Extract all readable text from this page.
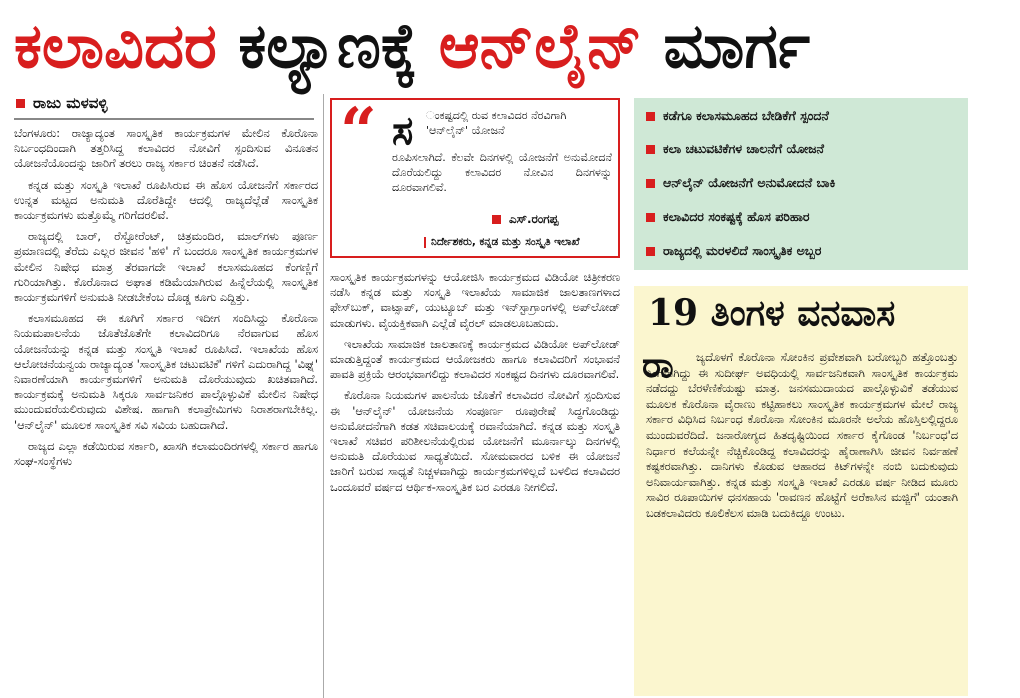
ಕಲಾವಿದರ ಕಲ್ಯಾಣಕ್ಕೆ ಆನ್‌ಲೈನ್ ಮಾರ್ಗ
ರಾಜು ಮಳವಳ್ಳಿ

ಬೆಂಗಳೂರು: ರಾಜ್ಯಾದ್ಯಂತ ಸಾಂಸ್ಕೃತಿಕ ಕಾರ್ಯಕ್ರಮಗಳ ಮೇಲಿನ ಕೊರೊನಾ ನಿರ್ಬಂಧದಿಂದಾಗಿ ತತ್ತರಿಸಿದ್ದ ಕಲಾವಿದರ ನೋವಿಗೆ ಸ್ಪಂದಿಸುವ ವಿನೂತನ ಯೋಜನೆಯೊಂದನ್ನು ಜಾರಿಗೆ ತರಲು ರಾಜ್ಯ ಸರ್ಕಾರ ಚಿಂತನೆ ನಡೆಸಿದೆ.

ಕನ್ನಡ ಮತ್ತು ಸಂಸ್ಕೃತಿ ಇಲಾಖೆ ರೂಪಿಸಿರುವ ಈ ಹೊಸ ಯೋಜನೆಗೆ ಸರ್ಕಾರದ ಉನ್ನತ ಮಟ್ಟದ ಅನುಮತಿ ದೊರೆತಿದ್ದೇ ಆದಲ್ಲಿ ರಾಜ್ಯದೆಲ್ಲೆಡೆ ಸಾಂಸ್ಕೃತಿಕ ಕಾರ್ಯಕ್ರಮಗಳು ಮತ್ತೊಮ್ಮೆ ಗರಿಗೆದರಲಿವೆ.

ರಾಜ್ಯದಲ್ಲಿ ಬಾರ್, ರೆಸ್ಟೋರೆಂಟ್, ಚಿತ್ರಮಂದಿರ, ಮಾಲ್‌ಗಳು ಪೂರ್ಣ ಪ್ರಮಾಣದಲ್ಲಿ ತೆರೆದು ಎಲ್ಲರ ಜೀವನ 'ಹಳಿ' ಗೆ ಬಂದರೂ ಸಾಂಸ್ಕೃತಿಕ ಕಾರ್ಯಕ್ರಮಗಳ ಮೇಲಿನ ನಿಷೇಧ ಮಾತ್ರ ತೆರವಾಗದೇ ಇಲಾಖೆ ಕಲಾಸಮೂಹದ ಕೆಂಗಣ್ಣಿಗೆ ಗುರಿಯಾಗಿತ್ತು. ಕೊರೊನಾದ ಅಘಾತ ಕಡಿಮೆಯಾಗಿರುವ ಹಿನ್ನೆಲೆಯಲ್ಲಿ ಸಾಂಸ್ಕೃತಿಕ ಕಾರ್ಯಕ್ರಮಗಳಿಗೆ ಅನುಮತಿ ನೀಡಬೇಕೆಂಬ ದೊಡ್ಡ ಕೂಗು ಎದ್ದಿತ್ತು.

ಕಲಾಸಮೂಹದ ಈ ಕೂಗಿಗೆ ಸರ್ಕಾರ ಇದೀಗ ಸಂದಿಸಿದ್ದು ಕೊರೊನಾ ನಿಯಮಪಾಲನೆಯ ಜೊತೆಜೊತೆಗೇ ಕಲಾವಿದರಿಗೂ ನೆರವಾಗುವ ಹೊಸ ಯೋಜನೆಯನ್ನು ಕನ್ನಡ ಮತ್ತು ಸಂಸ್ಕೃತಿ ಇಲಾಖೆ ರೂಪಿಸಿದೆ. ಇಲಾಖೆಯ ಹೊಸ ಆಲೋಚನೆಯನ್ವಯ ರಾಜ್ಯಾದ್ಯಂತ 'ಸಾಂಸ್ಕೃತಿಕ ಚಟುವಟಿಕೆ' ಗಳಿಗೆ ಎದುರಾಗಿದ್ದ 'ವಿಘ್ನ' ನಿವಾರಣೆಯಾಗಿ ಕಾರ್ಯಕ್ರಮಗಳಿಗೆ ಅನುಮತಿ ದೊರೆಯುವುದು ಖಚಿತವಾಗಿದೆ. ಕಾರ್ಯಕ್ರಮಕ್ಕೆ ಅನುಮತಿ ಸಿಕ್ಕರೂ ಸಾರ್ವಜನಿಕರ ಪಾಲ್ಗೊಳ್ಳುವಿಕೆ ಮೇಲಿನ ನಿಷೇಧ ಮುಂದುವರೆಯಲಿರುವುದು ವಿಶೇಷ. ಹಾಗಾಗಿ ಕಲಾಪ್ರೇಮಿಗಳು ನಿರಾಶರಾಗಬೇಕಿಲ್ಲ. 'ಆನ್‌ಲೈನ್' ಮೂಲಕ ಸಾಂಸ್ಕೃತಿಕ ಸವಿ ಸವಿಯ ಬಹುದಾಗಿದೆ.

ರಾಜ್ಯದ ಎಲ್ಲಾ ಕಡೆಯಿರುವ ಸರ್ಕಾರಿ, ಖಾಸಗಿ ಕಲಾಮಂದಿರಗಳಲ್ಲಿ ಸರ್ಕಾರ ಹಾಗೂ ಸಂಘ-ಸಂಸ್ಥೆಗಳು

“ ಸ ಂಕಷ್ಟದಲ್ಲಿ ರುವ ಕಲಾವಿದರ ನೆರವಿಗಾಗಿ 'ಆನ್‌ಲೈನ್' ಯೋಜನೆ
ರೂಪಿಸಲಾಗಿದೆ. ಕೆಲವೇ ದಿನಗಳಲ್ಲಿ ಯೋಜನೆಗೆ ಅನುಮೋದನೆ ದೊರೆಯಲಿದ್ದು ಕಲಾವಿದರ ನೋವಿನ ದಿನಗಳನ್ನು ದೂರವಾಗಲಿವೆ.
ಎಸ್.ರಂಗಪ್ಪ
ನಿರ್ದೇಶಕರು, ಕನ್ನಡ ಮತ್ತು ಸಂಸ್ಕೃತಿ ಇಲಾಖೆ

ಸಾಂಸ್ಕೃತಿಕ ಕಾರ್ಯಕ್ರಮಗಳನ್ನು ಆಯೋಜಿಸಿ ಕಾರ್ಯಕ್ರಮದ ವಿಡಿಯೋ ಚಿತ್ರೀಕರಣ ನಡೆಸಿ ಕನ್ನಡ ಮತ್ತು ಸಂಸ್ಕೃತಿ ಇಲಾಖೆಯ ಸಾಮಾಜಿಕ ಜಾಲತಾಣಗಳಾದ ಫೇಸ್‌ಬುಕ್, ವಾಟ್ಸಾಪ್, ಯುಟ್ಯೂಬ್ ಮತ್ತು ಇನ್‌ಸ್ಟಾಗ್ರಾಂಗಳಲ್ಲಿ ಅಪ್‌ಲೋಡ್ ಮಾಡುಗಳು. ವೈಯಕ್ತಿಕವಾಗಿ ಎಲ್ಲೆಡೆ ವೈರಲ್ ಮಾಡಲೂಬಹುದು.

ಇಲಾಖೆಯ ಸಾಮಾಜಿಕ ಜಾಲತಾಣಕ್ಕೆ ಕಾರ್ಯಕ್ರಮದ ವಿಡಿಯೋ ಅಪ್‌ಲೋಡ್ ಮಾಡುತ್ತಿದ್ದಂತೆ ಕಾರ್ಯಕ್ರಮದ ಆಯೋಜಕರು ಹಾಗೂ ಕಲಾವಿದರಿಗೆ ಸಂಭಾವನೆ ಪಾವತಿ ಪ್ರಕ್ರಿಯೆ ಆರಂಭವಾಗಲಿದ್ದು ಕಲಾವಿದರ ಸಂಕಷ್ಟದ ದಿನಗಳು ದೂರವಾಗಲಿವೆ.

ಕೊರೊನಾ ನಿಯಮಗಳ ಪಾಲನೆಯ ಜೊತೆಗೆ ಕಲಾವಿದರ ನೋವಿಗೆ ಸ್ಪಂದಿಸುವ ಈ 'ಆನ್‌ಲೈನ್' ಯೋಜನೆಯ ಸಂಪೂರ್ಣ ರೂಪುರೇಷೆ ಸಿದ್ಧಗೊಂಡಿದ್ದು ಅನುಮೋದನೆಗಾಗಿ ಕಡತ ಸಚಿವಾಲಯಕ್ಕೆ ರವಾನೆಯಾಗಿದೆ. ಕನ್ನಡ ಮತ್ತು ಸಂಸ್ಕೃತಿ ಇಲಾಖೆ ಸಚಿವರ ಪರಿಶೀಲನೆಯಲ್ಲಿರುವ ಯೋಜನೆಗೆ ಮೂರ್ನಾಲ್ಕು ದಿನಗಳಲ್ಲಿ ಅನುಮತಿ ದೊರೆಯುವ ಸಾಧ್ಯತೆಯಿದೆ. ಸೋಮವಾರದ ಬಳಿಕ ಈ ಯೋಜನೆ ಜಾರಿಗೆ ಬರುವ ಸಾಧ್ಯತೆ ನಿಚ್ಚಳವಾಗಿದ್ದು ಕಾರ್ಯಕ್ರಮಗಳಿಲ್ಲದೆ ಬಳಲಿದ ಕಲಾವಿದರ ಒಂದೂವರೆ ವರ್ಷದ ಆರ್ಥಿಕ-ಸಾಂಸ್ಕೃತಿಕ ಬರ ಎರಡೂ ನೀಗಲಿದೆ.

ಕಡೆಗೂ ಕಲಾಸಮೂಹದ ಬೇಡಿಕೆಗೆ ಸ್ಪಂದನೆ
ಕಲಾ ಚಟುವಟಿಕೆಗಳ ಚಾಲನೆಗೆ ಯೋಜನೆ
ಆನ್‌ಲೈನ್ ಯೋಜನೆಗೆ ಅನುಮೋದನೆ ಬಾಕಿ
ಕಲಾವಿದರ ಸಂಕಷ್ಟಕ್ಕೆ ಹೊಸ ಪರಿಹಾರ
ರಾಜ್ಯದಲ್ಲಿ ಮರಳಲಿದೆ ಸಾಂಸ್ಕೃತಿಕ ಅಬ್ಬರ
19 ತಿಂಗಳ ವನವಾಸ
ರಾ	ಜ್ಯದೊಳಗೆ ಕೊರೊನಾ ಸೋಂಕಿನ ಪ್ರವೇಶವಾಗಿ ಬರೋಬ್ಬರಿ ಹತ್ತೊಂಬತ್ತು ತಿಂಗಳಾಗಿದ್ದು ಈ ಸುದೀರ್ಘ ಅವಧಿಯಲ್ಲಿ ಸಾರ್ವಜನಿಕವಾಗಿ ಸಾಂಸ್ಕೃತಿಕ ಕಾರ್ಯಕ್ರಮ ನಡೆದದ್ದು ಬೆರಳೆಣಿಕೆಯಷ್ಟು ಮಾತ್ರ. ಜನಸಮುದಾಯದ ಪಾಲ್ಗೊಳ್ಳುವಿಕೆ ತಡೆಯುವ ಮೂಲಕ ಕೊರೊನಾ ವೈರಾಣು ಕಟ್ಟಿಹಾಕಲು ಸಾಂಸ್ಕೃತಿಕ ಕಾರ್ಯಕ್ರಮಗಳ ಮೇಲೆ ರಾಜ್ಯ ಸರ್ಕಾರ ವಿಧಿಸಿದ ನಿರ್ಬಂಧ ಕೊರೊನಾ ಸೋಂಕಿನ ಮೂರನೇ ಅಲೆಯ ಹೊಸ್ತಿಲಲ್ಲಿದ್ದರೂ ಮುಂದುವರೆದಿದೆ. ಜನಾರೋಗ್ಯದ ಹಿತದೃಷ್ಟಿಯಿಂದ ಸರ್ಕಾರ ಕೈಗೊಂಡ 'ನಿರ್ಬಂಧ'ದ ನಿರ್ಧಾರ ಕಲೆಯನ್ನೇ ನೆಚ್ಚಿಕೊಂಡಿದ್ದ ಕಲಾವಿದರನ್ನು ಹೈರಾಣಾಗಿಸಿ ಜೀವನ ನಿರ್ವಹಣೆ ಕಷ್ಟಕರವಾಗಿತ್ತು. ದಾನಿಗಳು ಕೊಡುವ ಆಹಾರದ ಕಿಟ್‌ಗಳನ್ನೇ ನಂಬಿ ಬದುಕುವುದು ಅನಿವಾರ್ಯವಾಗಿತ್ತು. ಕನ್ನಡ ಮತ್ತು ಸಂಸ್ಕೃತಿ ಇಲಾಖೆ ಎರಡೂ ವರ್ಷ ನೀಡಿದ ಮೂರು ಸಾವಿರ ರೂಪಾಯಿಗಳ ಧನಸಹಾಯ 'ರಾವಣನ ಹೊಟ್ಟೆಗೆ ಅರೆಕಾಸಿನ ಮಜ್ಜಿಗೆ' ಯಂತಾಗಿ ಬಡಕಲಾವಿದರು ಕೂಲಿಕೆಲಸ ಮಾಡಿ ಬದುಕಿದ್ದೂ ಉಂಟು.
